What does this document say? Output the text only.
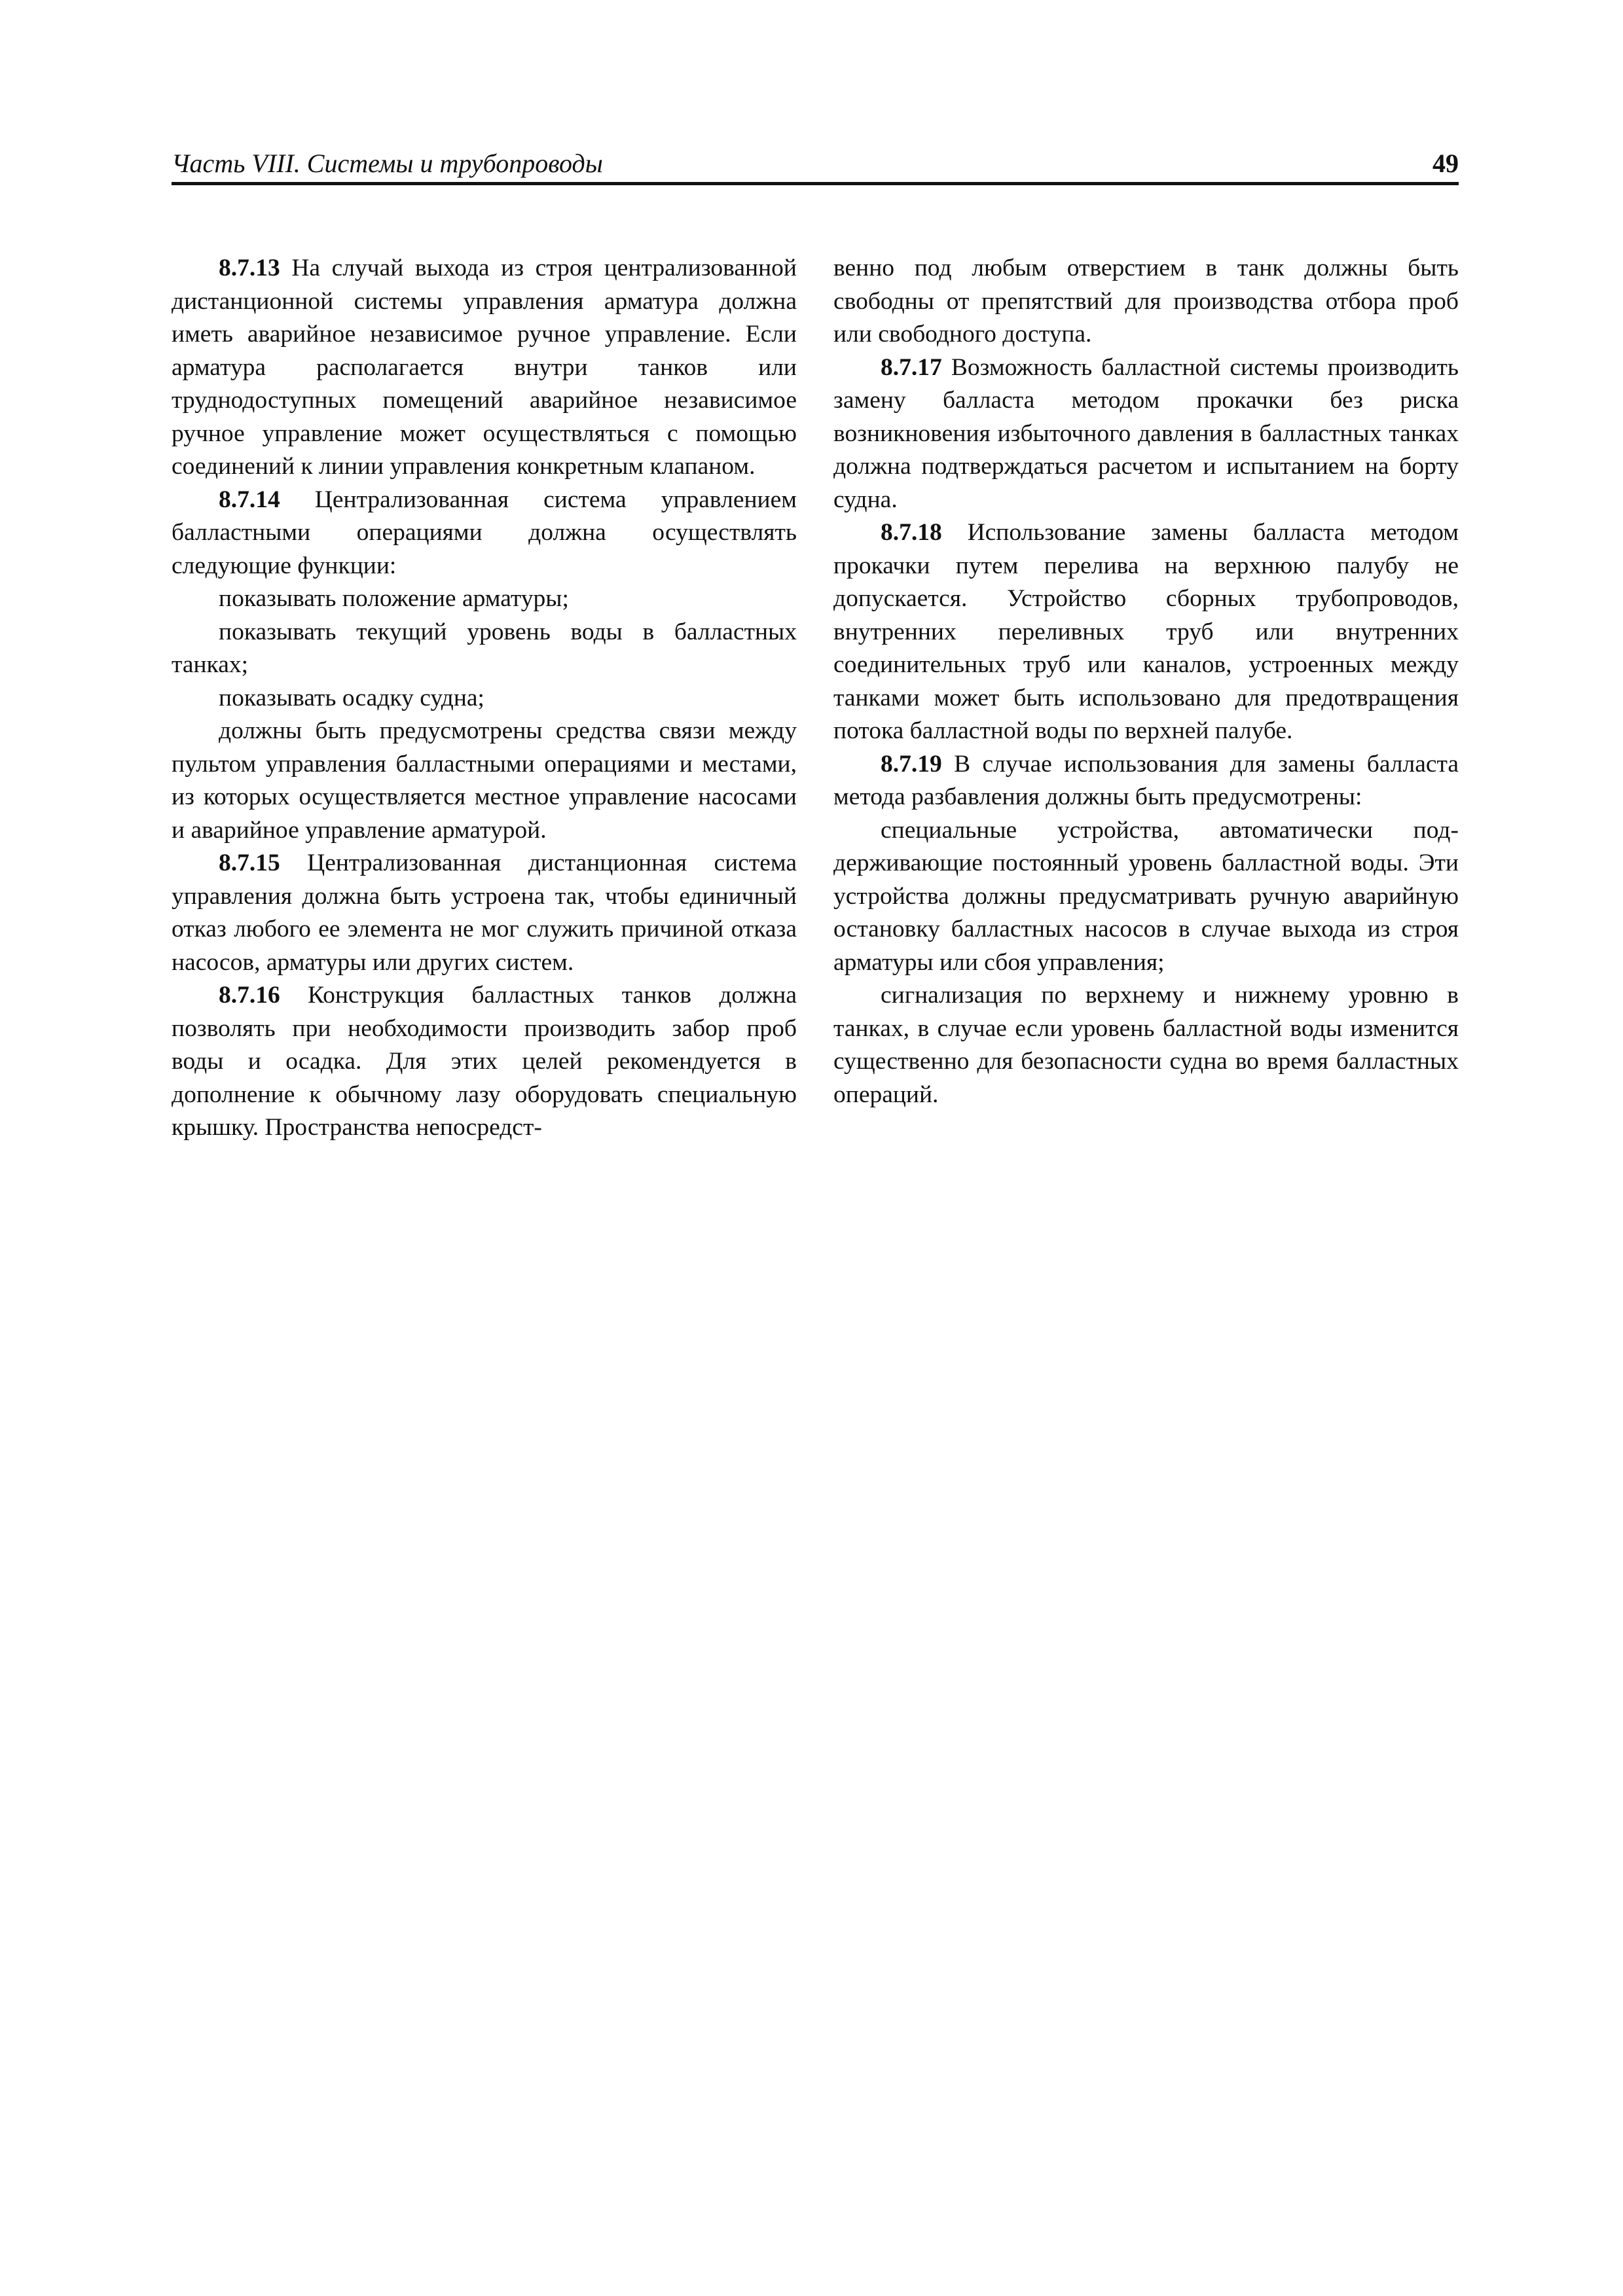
Часть VIII. Системы и трубопроводы	49

8.7.13 На случай выхода из строя централизованной дистанционной системы управления арматура должна иметь аварийное независимое ручное управление. Если арматура располагается внутри танков или труднодоступных помещений аварийное независимое ручное управление может осуществляться с помощью соединений к линии управления конкретным клапаном.

8.7.14 Централизованная система управлением балластными операциями должна осуществлять следующие функции:

показывать положение арматуры;

показывать текущий уровень воды в балластных танках;

показывать осадку судна;

должны быть предусмотрены средства связи между пультом управления балластными операциями и местами, из которых осуществляется местное управление насосами и аварийное управление арматурой.

8.7.15 Централизованная дистанционная система управления должна быть устроена так, чтобы единичный отказ любого ее элемента не мог служить причиной отказа насосов, арматуры или других систем.

8.7.16 Конструкция балластных танков должна позволять при необходимости производить забор проб воды и осадка. Для этих целей рекомендуется в дополнение к обычному лазу оборудовать специальную крышку. Пространства непосредст-

венно под любым отверстием в танк должны быть свободны от препятствий для производства отбора проб или свободного доступа.

8.7.17 Возможность балластной системы производить замену балласта методом прокачки без риска возникновения избыточного давления в балластных танках должна подтверждаться расчетом и испытанием на борту судна.

8.7.18 Использование замены балласта методом прокачки путем перелива на верхнюю палубу не допускается. Устройство сборных трубопроводов, внутренних переливных труб или внутренних соединительных труб или каналов, устроенных между танками может быть использовано для предотвращения потока балластной воды по верхней палубе.

8.7.19 В случае использования для замены балласта метода разбавления должны быть предусмотрены:

специальные устройства, автоматически поддерживающие постоянный уровень балластной воды. Эти устройства должны предусматривать ручную аварийную остановку балластных насосов в случае выхода из строя арматуры или сбоя управления;

сигнализация по верхнему и нижнему уровню в танках, в случае если уровень балластной воды изменится существенно для безопасности судна во время балластных операций.
